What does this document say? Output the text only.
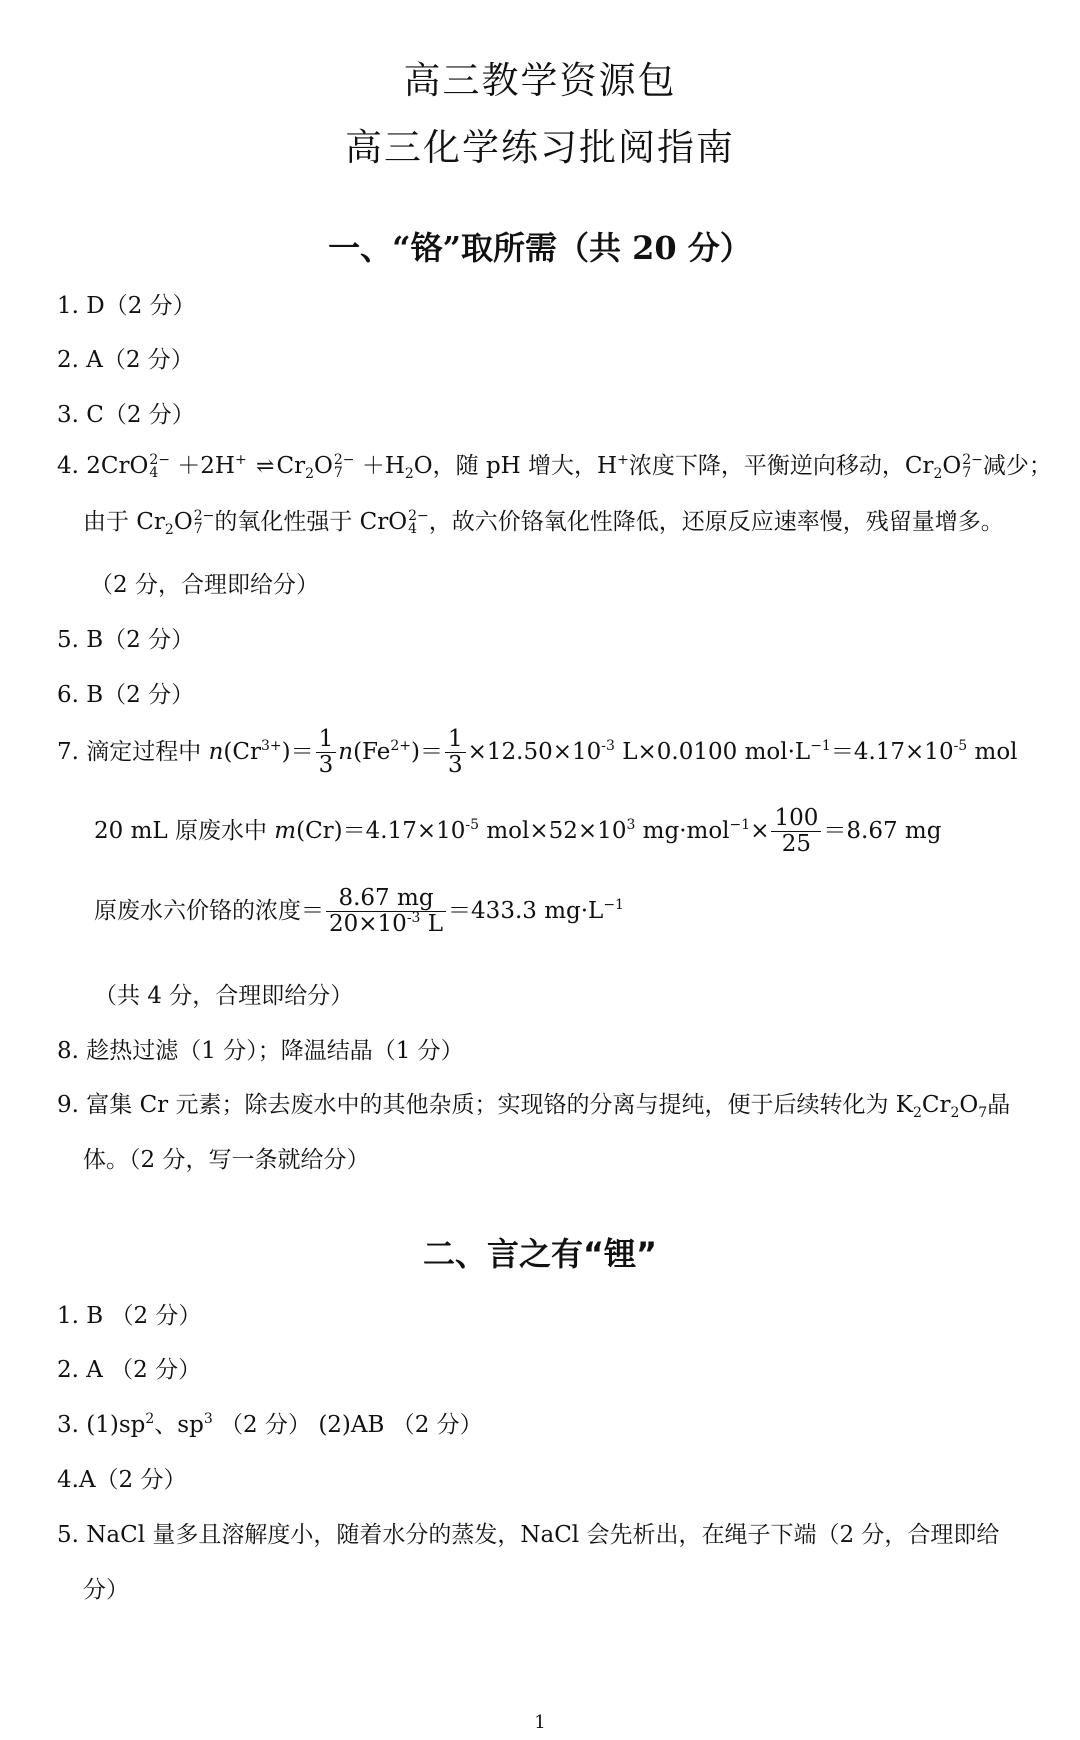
高三教学资源包
高三化学练习批阅指南
一、“铬”取所需（共 20 分）
1. D（2 分）
2. A（2 分）
3. C（2 分）
4. 2CrO 2−
4 ＋2H+ $\rightleftharpoons Cr_2O$ 2−
$7 +H_2O$，随 pH 增大，H+浓度下降，平衡逆向移动，$Cr_2O$ 2−
7 减少；
由于 $Cr_2O$ 2−
7 的氧化性强于 CrO 2−
4 ，故六价铬氧化性降低，还原反应速率慢，残留量增多。
（2 分，合理即给分）
5. B（2 分）
6. B（2 分）
7. 滴定过程中 $n(Cr^{3+})= \frac{1}{3} n(Fe^{2+})= \frac{1}{3} \times 12.50\times 10^{-3}$ L×0.0100 $mol\cdot L^{-1}=4.17\times 10^{-5}$ mol
20 mL 原废水中 $m(Cr)=4.17\times 10^{-5}$ $mol\times 52\times 10^3$ $mg\cdot mol^{-1}\times \frac{100}{25} =8.67$ mg
原废水六价铬的浓度＝ $\frac{8.67 mg}{20\times 10^{-3} L} =433.3$ $mg\cdot L^{-1}$
（共 4 分，合理即给分）
8. 趁热过滤（1 分）；降温结晶（1 分）
9. 富集 Cr 元素；除去废水中的其他杂质；实现铬的分离与提纯，便于后续转化为 $K_2Cr_2O_7$晶
体。（2 分，写一条就给分）
二、言之有“锂”
1. B （2 分）
2. A （2 分）
3. $(1)sp^2$、$sp^3$ （2 分） (2)AB （2 分）
4.A（2 分）
5. NaCl 量多且溶解度小，随着水分的蒸发，NaCl 会先析出，在绳子下端（2 分，合理即给
分）
1
